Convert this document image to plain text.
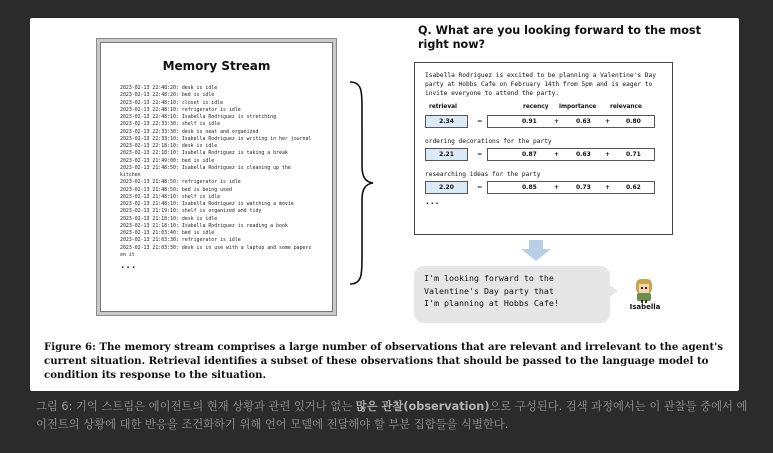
Memory Stream
2023-02-13 22:48:20: desk is idle
2023-02-13 22:48:20: bed is idle
2023-02-13 22:48:10: closet is idle
2023-02-13 22:48:10: refrigerator is idle
2023-02-13 22:48:10: Isabella Rodriguez is stretching
2023-02-13 22:33:30: shelf is idle
2023-02-13 22:33:30: desk is neat and organized
2023-02-13 22:33:10: Isabella Rodriguez is writing in her journal
2023-02-13 22:18:10: desk is idle
2023-02-13 22:18:10: Isabella Rodriguez is taking a break
2023-02-13 21:49:00: bed is idle
2023-02-13 21:48:50: Isabella Rodriguez is cleaning up the
kitchen
2023-02-13 21:48:50: refrigerator is idle
2023-02-13 21:48:50: bed is being used
2023-02-13 21:48:10: shelf is idle
2023-02-13 21:48:10: Isabella Rodriguez is watching a movie
2023-02-13 21:19:10: shelf is organized and tidy
2023-02-13 21:18:10: desk is idle
2023-02-13 21:18:10: Isabella Rodriguez is reading a book
2023-02-13 21:03:40: bed is idle
2023-02-13 21:03:30: refrigerator is idle
2023-02-13 21:03:30: desk is in use with a laptop and some papers
on it
...
Q. What are you looking forward to the most right now?
Isabella Rodriguez is excited to be planning a Valentine's Day party at Hobbs Cafe on February 14th from 5pm and is eager to invite everyone to attend the party.
retrieval	recency importance relevance
2.34	=	0.91	+	0.63 +	0.80
ordering decorations for the party
2.21	=	0.87	+	0.63 +	0.71
researching ideas for the party
2.20	=	0.85	+	0.73 +	0.62
...
I'm looking forward to the
Valentine's Day party that
I'm planning at Hobbs Cafe!	Isabella
Figure 6: The memory stream comprises a large number of observations that are relevant and irrelevant to the agent's current situation. Retrieval identifies a subset of these observations that should be passed to the language model to condition its response to the situation.
그림 6: 기억 스트림은 에이전트의 현재 상황과 관련 있거나 없는 많은 관찰(observation)으로 구성된다. 검색 과정에서는 이 관찰들 중에서 에이전트의 상황에 대한 반응을 조건화하기 위해 언어 모델에 전달해야 할 부분 집합들을 식별한다.
